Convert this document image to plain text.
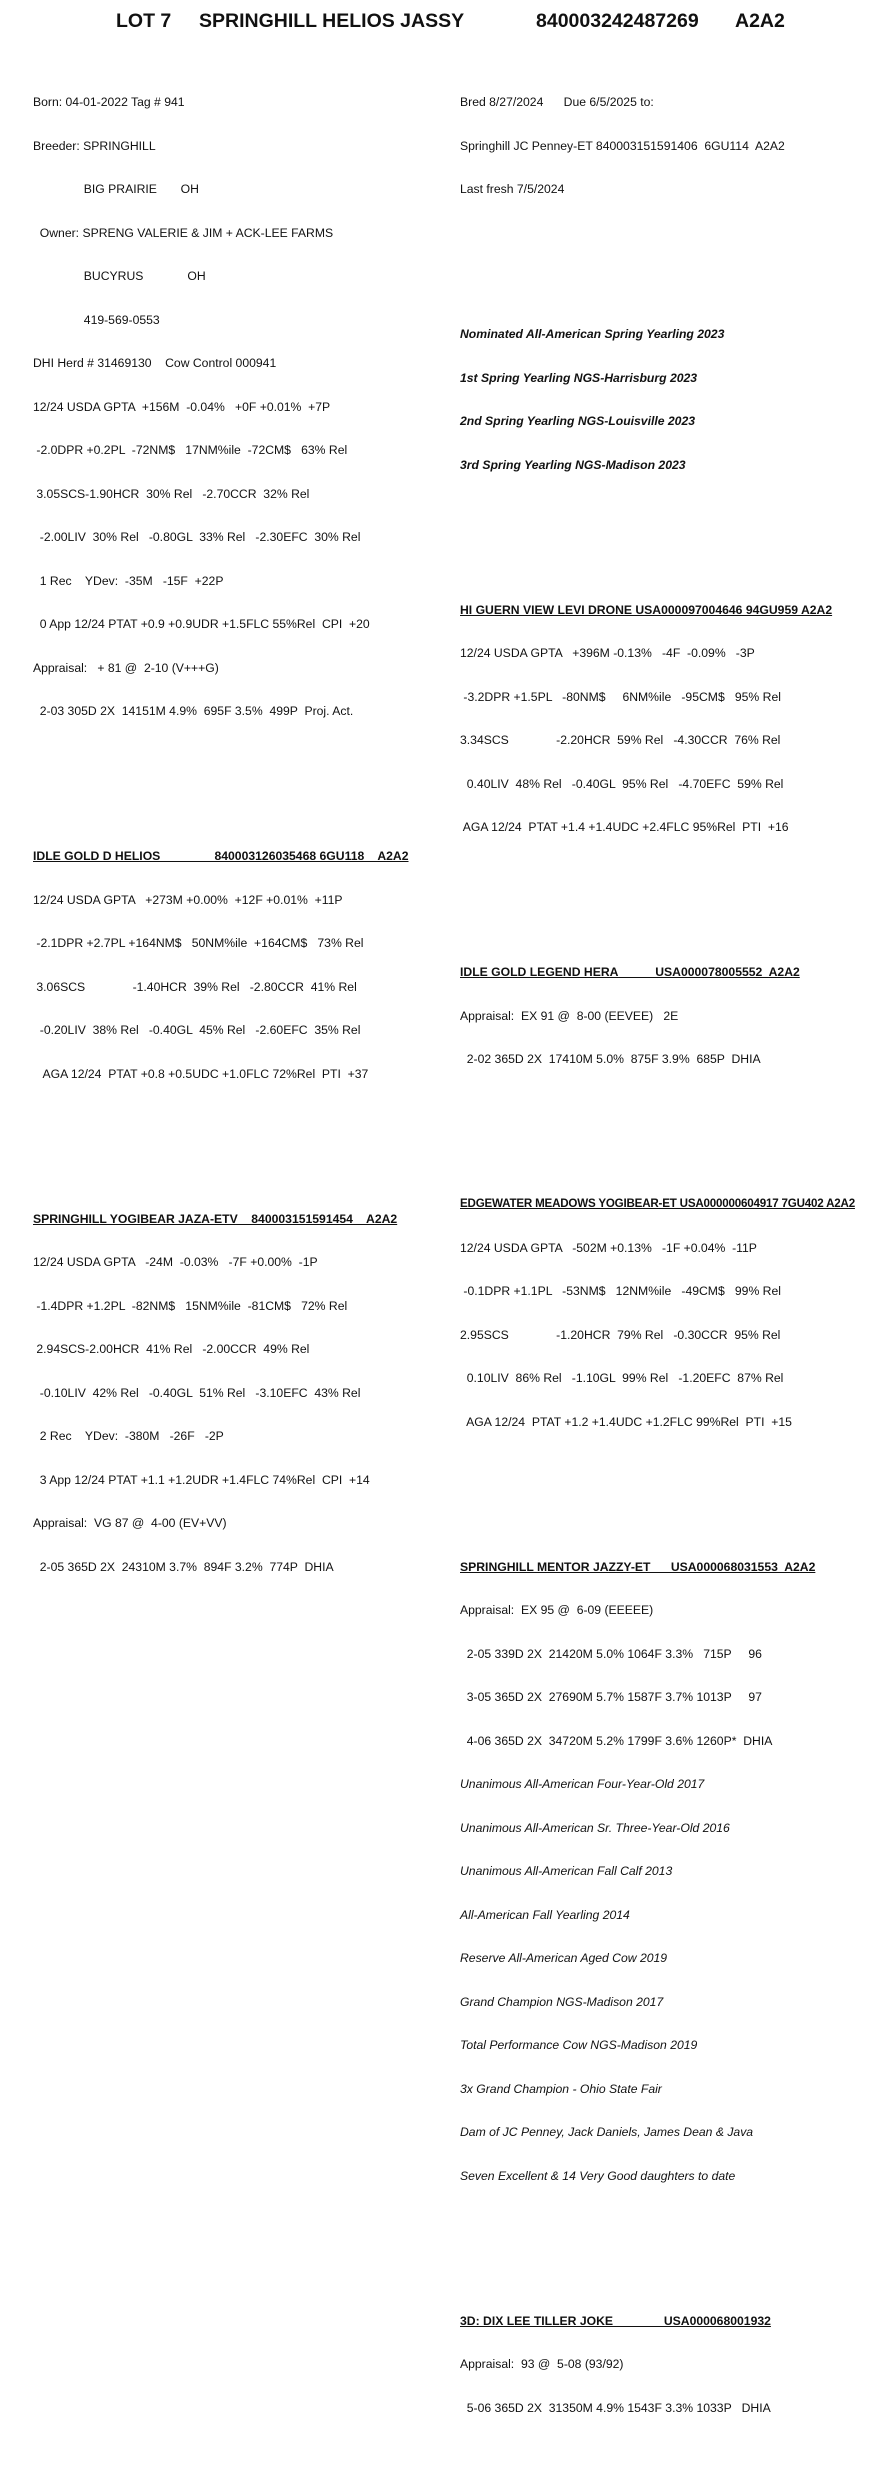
LOT 7 SPRINGHILL HELIOS JASSY	840003242487269 A2A2

Born: 04-01-2022 Tag # 941

Breeder: SPRINGHILL

BIG PRAIRIE       OH

Owner: SPRENG VALERIE & JIM + ACK-LEE FARMS

BUCYRUS             OH

419-569-0553

DHI Herd # 31469130    Cow Control 000941

12/24 USDA GPTA  +156M  -0.04%   +0F +0.01%  +7P

-2.0DPR +0.2PL  -72NM$   17NM%ile  -72CM$   63% Rel

3.05SCS-1.90HCR  30% Rel   -2.70CCR  32% Rel

-2.00LIV  30% Rel   -0.80GL  33% Rel   -2.30EFC  30% Rel

1 Rec    YDev:  -35M   -15F  +22P

0 App 12/24 PTAT +0.9 +0.9UDR +1.5FLC 55%Rel  CPI  +20

Appraisal:   + 81 @  2-10 (V+++G)

2-03 305D 2X  14151M 4.9%  695F 3.5%  499P  Proj. Act.

IDLE GOLD D HELIOS                840003126035468 6GU118    A2A2

12/24 USDA GPTA   +273M +0.00%  +12F +0.01%  +11P

-2.1DPR +2.7PL +164NM$   50NM%ile  +164CM$   73% Rel

3.06SCS              -1.40HCR  39% Rel   -2.80CCR  41% Rel

-0.20LIV  38% Rel   -0.40GL  45% Rel   -2.60EFC  35% Rel

AGA 12/24  PTAT +0.8 +0.5UDC +1.0FLC 72%Rel  PTI  +37

SPRINGHILL YOGIBEAR JAZA-ETV    840003151591454    A2A2

12/24 USDA GPTA   -24M  -0.03%   -7F +0.00%  -1P

-1.4DPR +1.2PL  -82NM$   15NM%ile  -81CM$   72% Rel

2.94SCS-2.00HCR  41% Rel   -2.00CCR  49% Rel

-0.10LIV  42% Rel   -0.40GL  51% Rel   -3.10EFC  43% Rel

2 Rec    YDev:  -380M   -26F   -2P

3 App 12/24 PTAT +1.1 +1.2UDR +1.4FLC 74%Rel  CPI  +14

Appraisal:  VG 87 @  4-00 (EV+VV)

2-05 365D 2X  24310M 3.7%  894F 3.2%  774P  DHIA

Bred 8/27/2024      Due 6/5/2025 to:

Springhill JC Penney-ET 840003151591406  6GU114  A2A2

Last fresh 7/5/2024

Nominated All-American Spring Yearling 2023

1st Spring Yearling NGS-Harrisburg 2023

2nd Spring Yearling NGS-Louisville 2023

3rd Spring Yearling NGS-Madison 2023

HI GUERN VIEW LEVI DRONE USA000097004646 94GU959 A2A2

12/24 USDA GPTA   +396M -0.13%   -4F  -0.09%   -3P

-3.2DPR +1.5PL   -80NM$     6NM%ile   -95CM$   95% Rel

3.34SCS              -2.20HCR  59% Rel   -4.30CCR  76% Rel

0.40LIV  48% Rel   -0.40GL  95% Rel   -4.70EFC  59% Rel

AGA 12/24  PTAT +1.4 +1.4UDC +2.4FLC 95%Rel  PTI  +16

IDLE GOLD LEGEND HERA           USA000078005552  A2A2

Appraisal:  EX 91 @  8-00 (EEVEE)   2E

2-02 365D 2X  17410M 5.0%  875F 3.9%  685P  DHIA

EDGEWATER MEADOWS YOGIBEAR-ET USA000000604917 7GU402 A2A2

12/24 USDA GPTA   -502M +0.13%   -1F +0.04%  -11P

-0.1DPR +1.1PL   -53NM$   12NM%ile   -49CM$   99% Rel

2.95SCS              -1.20HCR  79% Rel   -0.30CCR  95% Rel

0.10LIV  86% Rel   -1.10GL  99% Rel   -1.20EFC  87% Rel

AGA 12/24  PTAT +1.2 +1.4UDC +1.2FLC 99%Rel  PTI  +15

SPRINGHILL MENTOR JAZZY-ET      USA000068031553  A2A2

Appraisal:  EX 95 @  6-09 (EEEEE)

2-05 339D 2X  21420M 5.0% 1064F 3.3%   715P     96

3-05 365D 2X  27690M 5.7% 1587F 3.7% 1013P     97

4-06 365D 2X  34720M 5.2% 1799F 3.6% 1260P*  DHIA

Unanimous All-American Four-Year-Old 2017

Unanimous All-American Sr. Three-Year-Old 2016

Unanimous All-American Fall Calf 2013

All-American Fall Yearling 2014

Reserve All-American Aged Cow 2019

Grand Champion NGS-Madison 2017

Total Performance Cow NGS-Madison 2019

3x Grand Champion - Ohio State Fair

Dam of JC Penney, Jack Daniels, James Dean & Java

Seven Excellent & 14 Very Good daughters to date

3D: DIX LEE TILLER JOKE               USA000068001932

Appraisal:  93 @  5-08 (93/92)

5-06 365D 2X  31350M 4.9% 1543F 3.3% 1033P   DHIA
